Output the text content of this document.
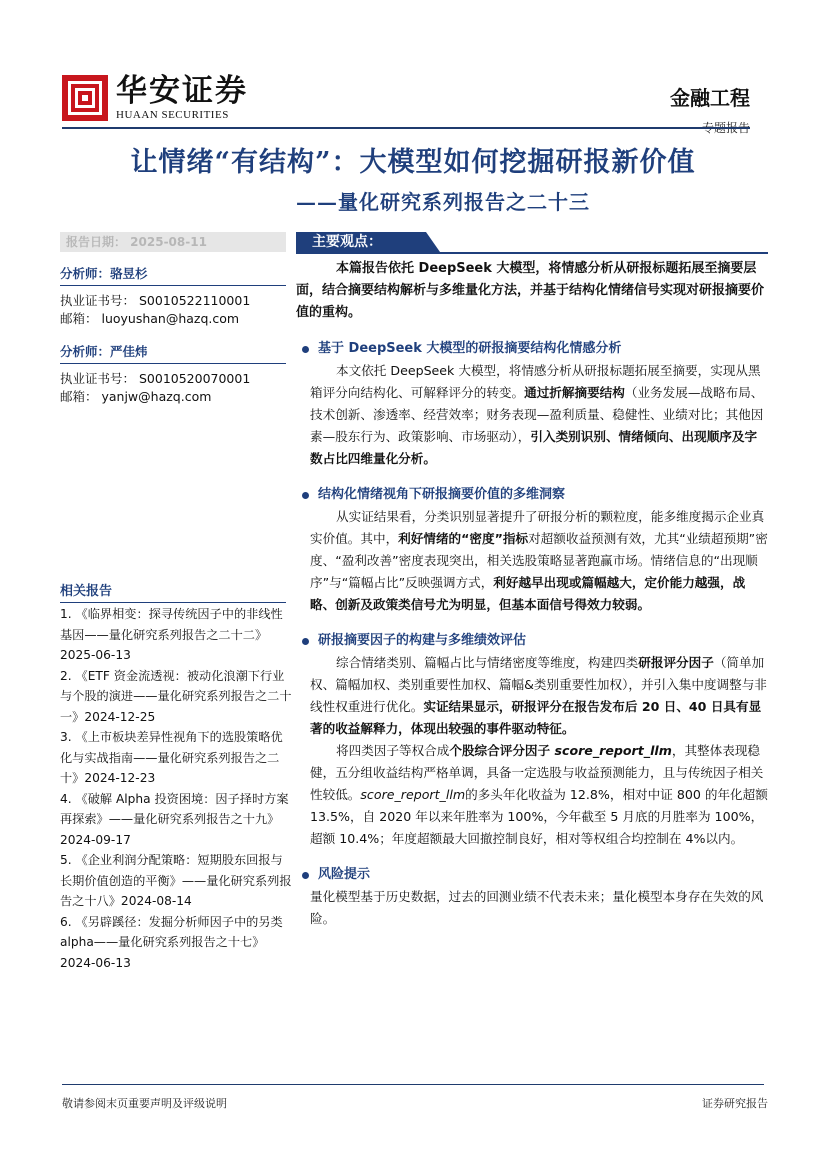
华安证券
HUAAN SECURITIES
金融工程
让情绪“有结构”：大模型如何挖掘研报新价值
——量化研究系列报告之二十三
报告日期： 2025-08-11
分析师：骆昱杉
执业证书号： S0010522110001
邮箱： luoyushan@hazq.com
分析师：严佳炜
执业证书号： S0010520070001
邮箱： yanjw@hazq.com
相关报告
1. 《临界相变：探寻传统因子中的非线性基因——量化研究系列报告之二十二》2025-06-13
2. 《ETF 资金流透视：被动化浪潮下行业与个股的演进——量化研究系列报告之二十一》2024-12-25
3. 《上市板块差异性视角下的选股策略优化与实战指南——量化研究系列报告之二十》2024-12-23
4. 《破解 Alpha 投资困境：因子择时方案再探索》——量化研究系列报告之十九》2024-09-17
5. 《企业利润分配策略：短期股东回报与长期价值创造的平衡》——量化研究系列报告之十八》2024-08-14
6. 《另辟蹊径：发掘分析师因子中的另类 alpha——量化研究系列报告之十七》2024-06-13
主要观点：
本篇报告依托 DeepSeek 大模型，将情感分析从研报标题拓展至摘要层面，结合摘要结构解析与多维量化方法，并基于结构化情绪信号实现对研报摘要价值的重构。
基于 DeepSeek 大模型的研报摘要结构化情感分析
本文依托 DeepSeek 大模型，将情感分析从研报标题拓展至摘要，实现从黑箱评分向结构化、可解释评分的转变。通过折解摘要结构（业务发展—战略布局、技术创新、渗透率、经营效率；财务表现—盈利质量、稳健性、业绩对比；其他因素—股东行为、政策影响、市场驱动），引入类别识别、情绪倾向、出现顺序及字数占比四维量化分析。
结构化情绪视角下研报摘要价值的多维洞察
从实证结果看，分类识别显著提升了研报分析的颗粒度，能多维度揭示企业真实价值。其中，利好情绪的“密度”指标对超额收益预测有效，尤其“业绩超预期”密度、“盈利改善”密度表现突出，相关选股策略显著跑赢市场。情绪信息的“出现顺序”与“篇幅占比”反映强调方式，利好越早出现或篇幅越大，定价能力越强，战略、创新及政策类信号尤为明显，但基本面信号得效力较弱。
研报摘要因子的构建与多维绩效评估
综合情绪类别、篇幅占比与情绪密度等维度，构建四类研报评分因子（简单加权、篇幅加权、类别重要性加权、篇幅&类别重要性加权），并引入集中度调整与非线性权重进行优化。实证结果显示，研报评分在报告发布后 20 日、40 日具有显著的收益解释力，体现出较强的事件驱动特征。
将四类因子等权合成个股综合评分因子 score_report_llm，其整体表现稳健，五分组收益结构严格单调，具备一定选股与收益预测能力，且与传统因子相关性较低。score_report_llm的多头年化收益为 12.8%，相对中证 800 的年化超额 13.5%，自 2020 年以来年胜率为 100%，今年截至 5 月底的月胜率为 100%，超额 10.4%；年度超额最大回撤控制良好，相对等权组合均控制在 4%以内。
风险提示
量化模型基于历史数据，过去的回测业绩不代表未来；量化模型本身存在失效的风险。
敬请参阅末页重要声明及评级说明	证券研究报告
